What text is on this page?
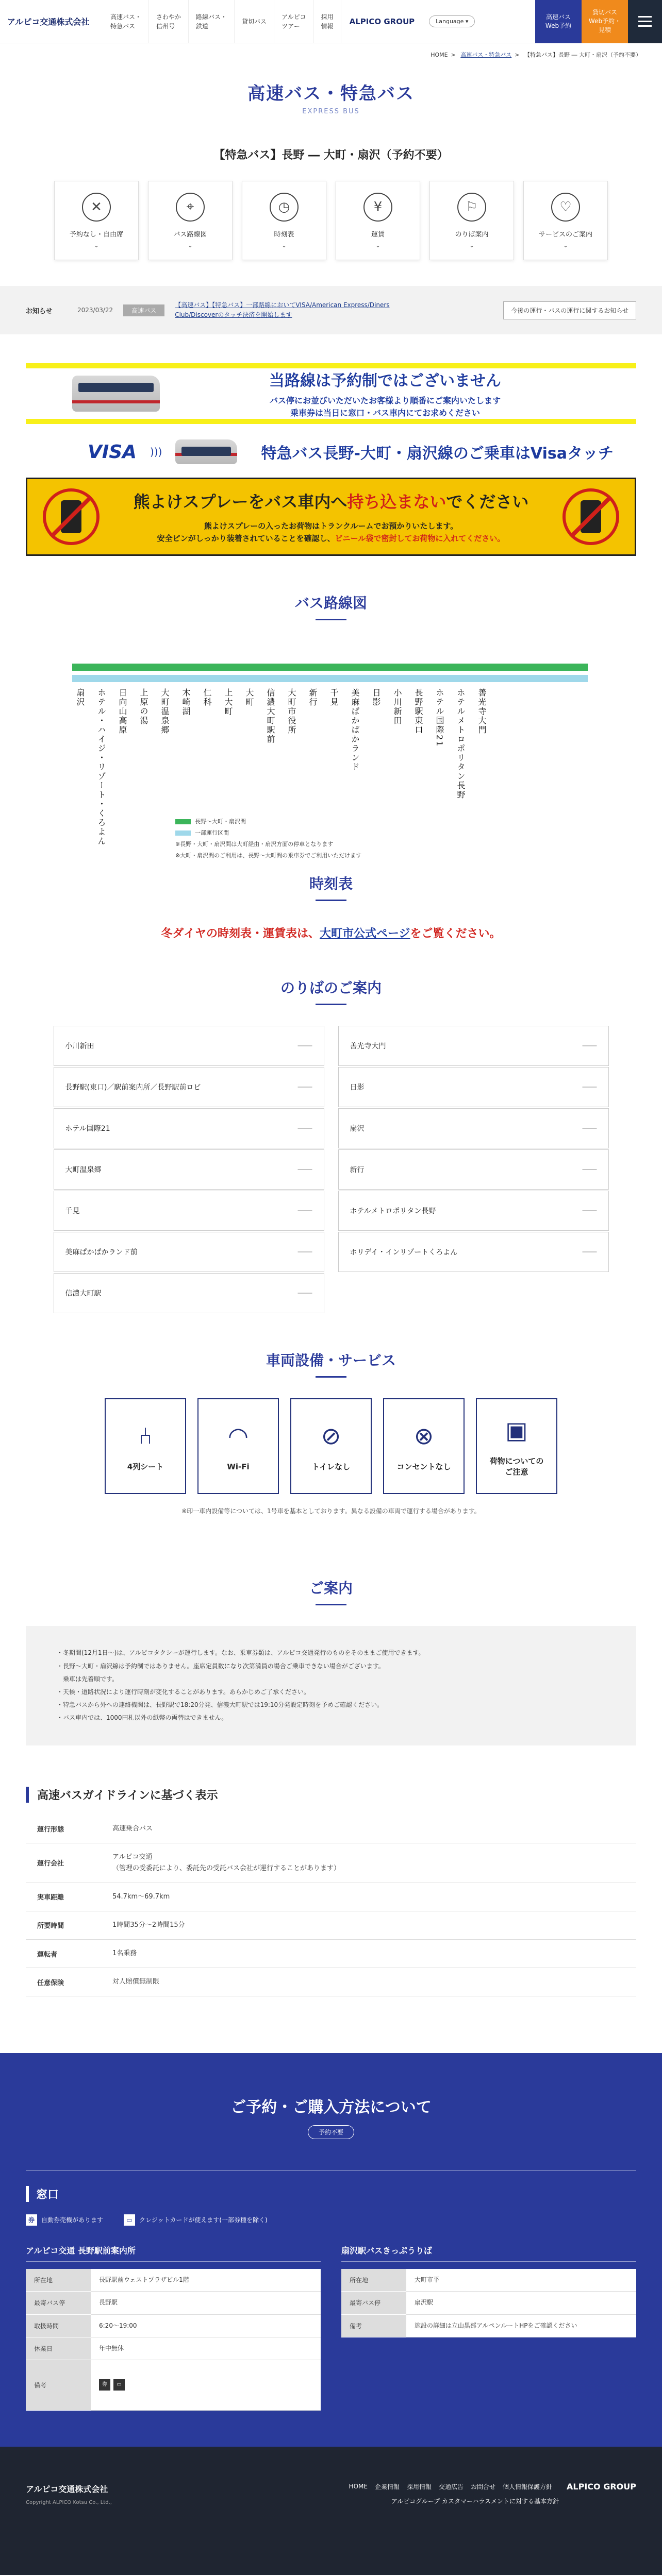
アルピコ交通株式会社
高速バス・
特急バス
さわやか
信州号
路線バス・
鉄道
貸切バス
アルピコ
ツアー
採用
情報	ALPICO GROUP	Language ▾
高速バス
Web予約
貸切バス
Web予約・
見積
HOME > 高速バス・特急バス > 【特急バス】長野 ― 大町・扇沢（予約不要）
高速バス・特急バス
EXPRESS BUS
【特急バス】長野 ― 大町・扇沢（予約不要）
✕
予約なし・自由席
⌄
⌖
バス路線図
⌄
◷
時刻表
⌄
¥
運賃
⌄
⚐
のりば案内
⌄
♡
サービスのご案内
⌄
お知らせ	2023/03/22	高速バス
【高速バス】【特急バス】一部路線においてVISA/American Express/Diners Club/Discoverのタッチ決済を開始します
今後の運行・バスの運行に関するお知らせ
当路線は予約制ではございません
バス停にお並びいただいたお客様より順番にご案内いたします
乗車券は当日に窓口・バス車内にてお求めください
VISA )))	特急バス長野-大町・扇沢線のご乗車はVisaタッチ
熊よけスプレーをバス車内へ持ち込まないでください
熊よけスプレーの入ったお荷物はトランクルームでお預かりいたします。
安全ピンがしっかり装着されていることを確認し、ビニール袋で密封してお荷物に入れてください。
バス路線図
扇沢	ホテル・ハイジ・リゾート・くろよん	日向山高原	上原の湯	大町温泉郷	木崎湖	仁科	上大町	大町	信濃大町駅前	大町市役所	新行	千見	美麻ぱかぱかランド	日影	小川新田	長野駅東口	ホテル国際21	ホテルメトロポリタン長野	善光寺大門
長野〜大町・扇沢間
一部運行区間
※長野・大町・扇沢間は大町経由・扇沢方面の停車となります
※大町・扇沢間のご利用は、長野〜大町間の乗車券でご利用いただけます
時刻表
冬ダイヤの時刻表・運賃表は、大町市公式ページをご覧ください。
のりばのご案内
小川新田	――	善光寺大門	――
長野駅(東口)／駅前案内所／長野駅前ロビ	――	日影	――
ホテル国際21	――	扇沢	――
大町温泉郷	――	新行	――
千見	――	ホテルメトロポリタン長野	――
美麻ぱかぱかランド前	――	ホリデイ・インリゾートくろよん	――
信濃大町駅	――
車両設備・サービス
⑃
4列シート
◠
Wi-Fi
⊘
トイレなし
⊗
コンセントなし
▣
荷物についての
ご注意
※印一車内設備等については、1号車を基本としております。異なる設備の車両で運行する場合があります。
ご案内
・冬期間(12月1日〜)は、アルピコタクシーが運行します。なお、乗車券類は、アルピコ交通発行のものをそのままご使用できます。
・長野〜大町・扇沢線は予約制ではありません。座席定員数になり次第満員の場合ご乗車できない場合がございます。
　乗車は先着順です。
・天候・道路状況により運行時刻が変化することがあります。あらかじめご了承ください。
・特急バスから外への連絡機関は、長野駅で18:20分発、信濃大町駅では19:10分発設定時刻を予めご確認ください。
・バス車内では、1000円札以外の紙幣の両替はできません。
高速バスガイドラインに基づく表示
運行形態	高速乗合バス
運行会社	アルピコ交通
（管理の受委託により、委託先の受託バス会社が運行することがあります）
実車距離	54.7km〜69.7km
所要時間	1時間35分〜2時間15分
運転者	1名乗務
任意保険	対人賠償無制限
ご予約・ご購入方法について
予約不要
窓口
券 自動券売機があります	▭ クレジットカードが使えます(一部券種を除く)
アルピコ交通 長野駅前案内所
所在地	長野駅前ウェストプラザビル1階
最寄バス停	長野駅
取扱時間	6:20〜19:00
休業日	年中無休
備考	券 ▭
扇沢駅バスきっぷうりば
所在地	大町市平
最寄バス停	扇沢駅
備考	施設の詳細は立山黒部アルペンルートHPをご確認ください
アルピコ交通株式会社
Copyright ALPICO Kotsu Co., Ltd.,
HOME 企業情報 採用情報 交通広告 お問合せ 個人情報保護方針 ALPICO GROUP
アルピコグループ カスタマーハラスメントに対する基本方針
